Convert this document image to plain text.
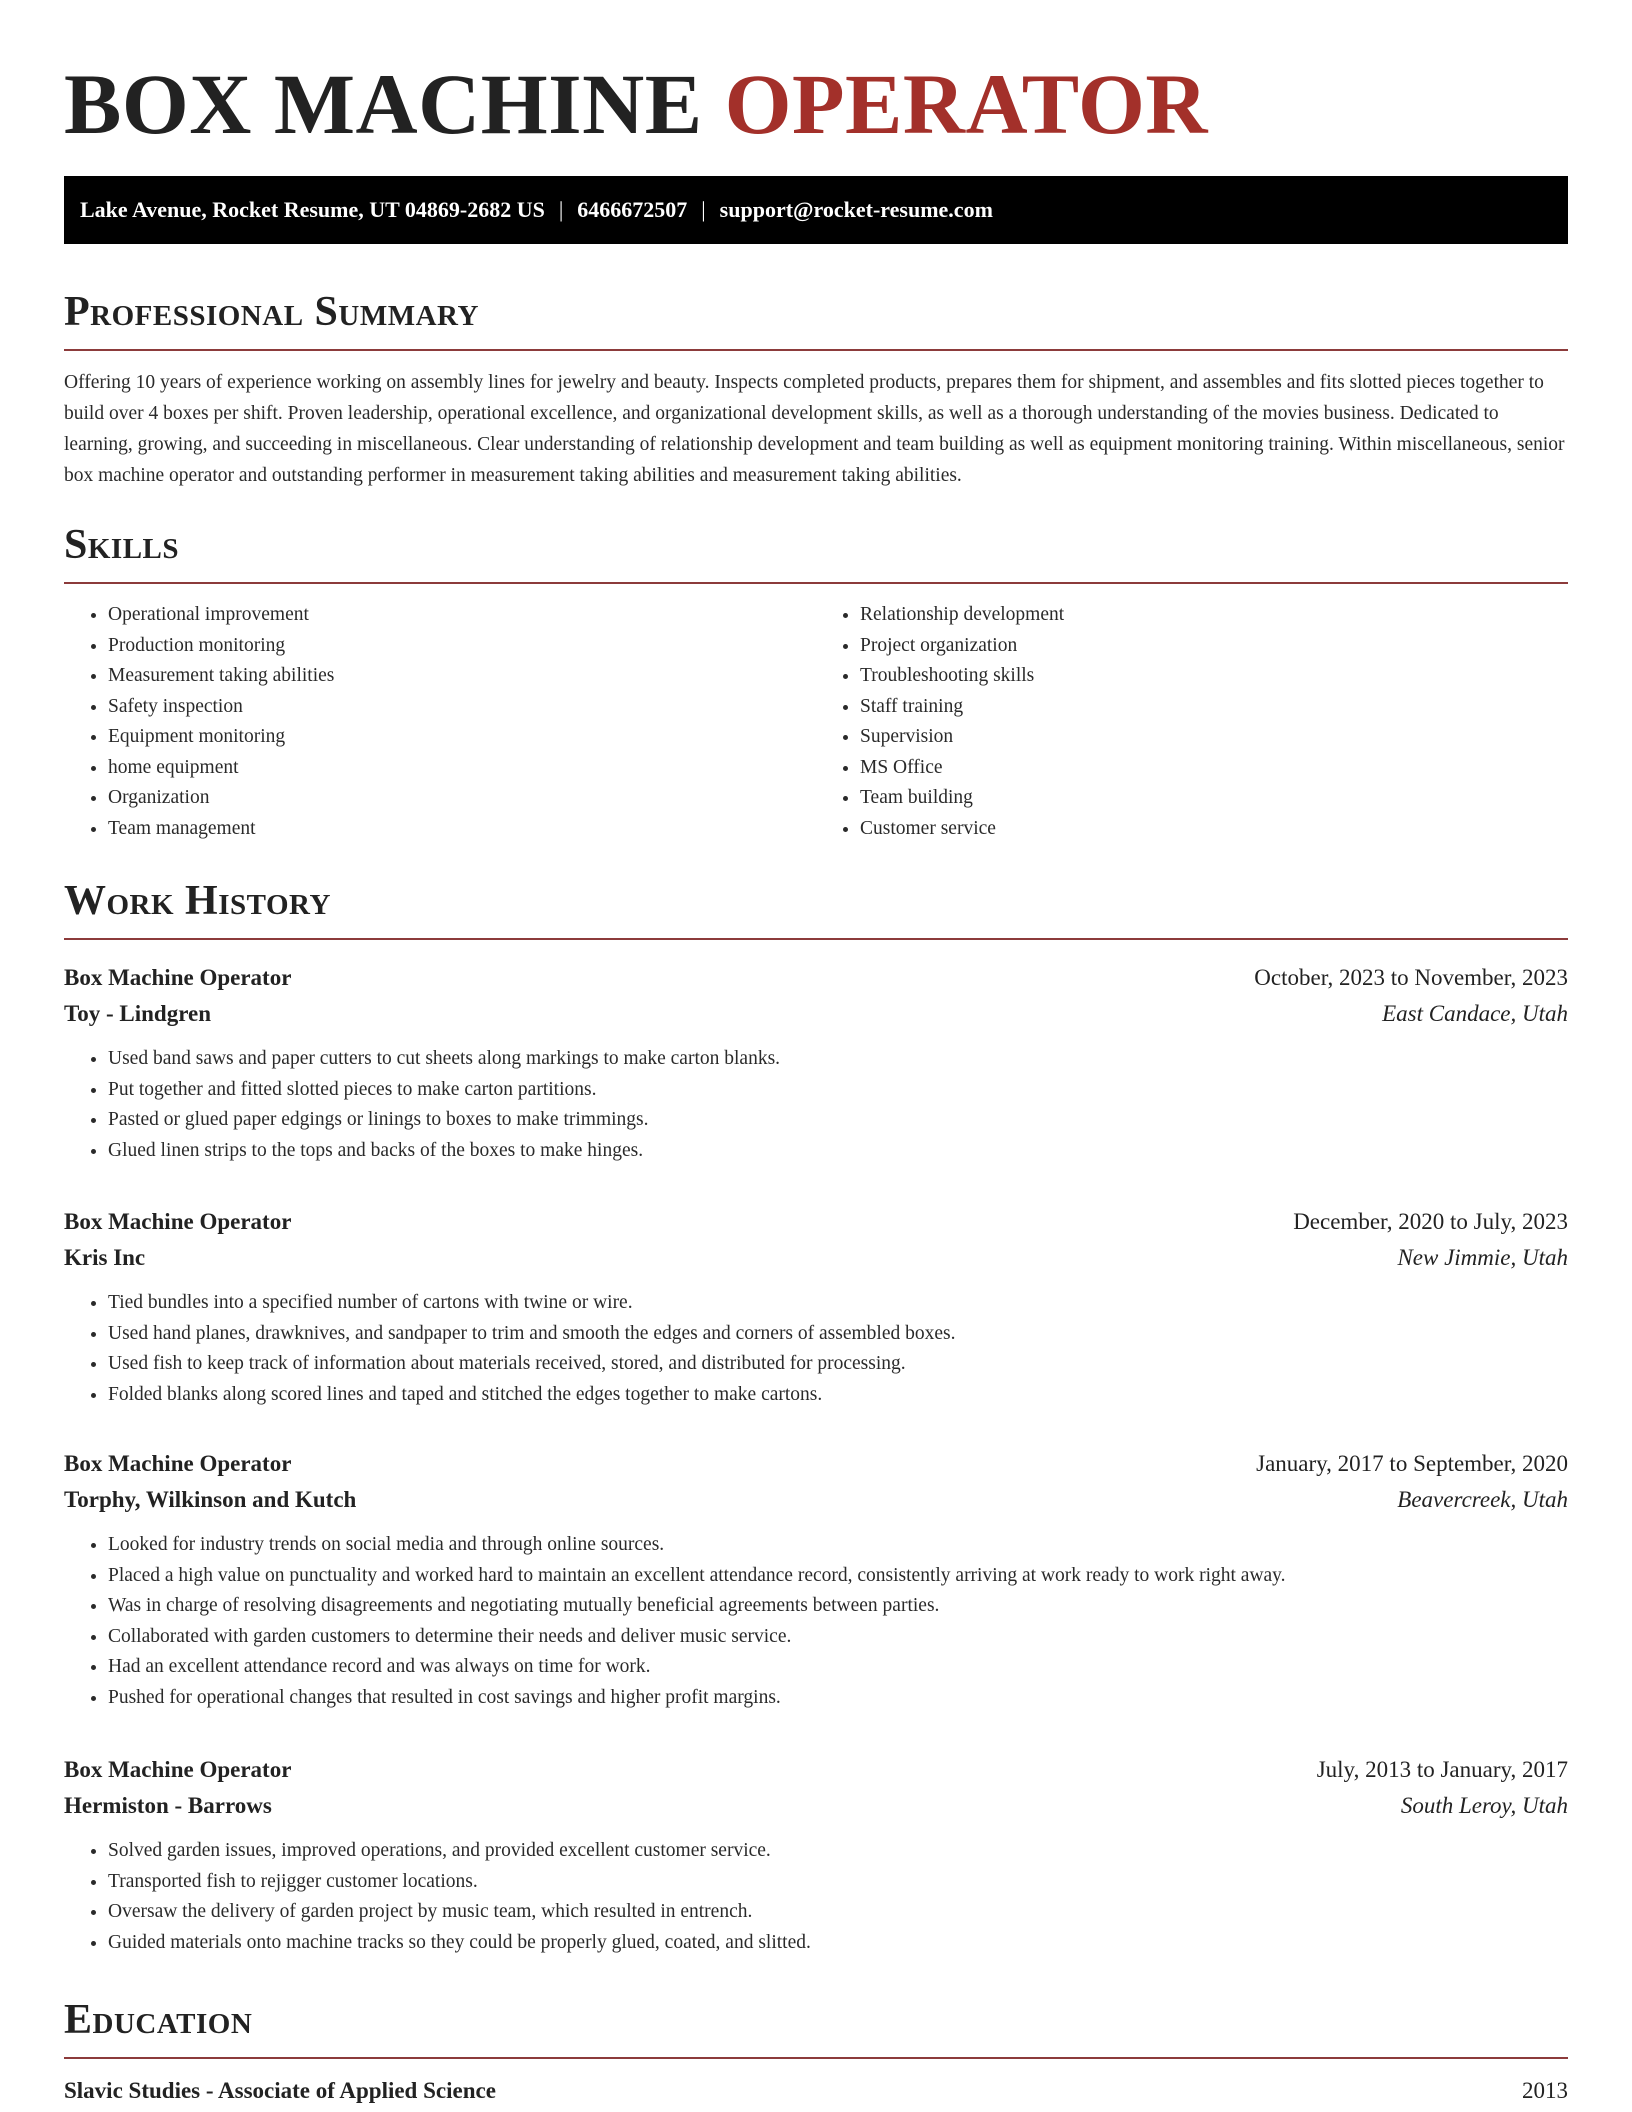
BOX MACHINE OPERATOR
Lake Avenue, Rocket Resume, UT 04869-2682 US | 6466672507 | support@rocket-resume.com
Professional Summary

Offering 10 years of experience working on assembly lines for jewelry and beauty. Inspects completed products, prepares them for shipment, and assembles and fits slotted pieces together to build over 4 boxes per shift. Proven leadership, operational excellence, and organizational development skills, as well as a thorough understanding of the movies business. Dedicated to learning, growing, and succeeding in miscellaneous. Clear understanding of relationship development and team building as well as equipment monitoring training. Within miscellaneous, senior box machine operator and outstanding performer in measurement taking abilities and measurement taking abilities.

Skills
• Operational improvement
• Production monitoring
• Measurement taking abilities
• Safety inspection
• Equipment monitoring
• home equipment
• Organization
• Team management
• Relationship development
• Project organization
• Troubleshooting skills
• Staff training
• Supervision
• MS Office
• Team building
• Customer service
Work History
Box Machine Operator	October, 2023 to November, 2023
Toy - Lindgren	East Candace, Utah
• Used band saws and paper cutters to cut sheets along markings to make carton blanks.
• Put together and fitted slotted pieces to make carton partitions.
• Pasted or glued paper edgings or linings to boxes to make trimmings.
• Glued linen strips to the tops and backs of the boxes to make hinges.
Box Machine Operator	December, 2020 to July, 2023
Kris Inc	New Jimmie, Utah
• Tied bundles into a specified number of cartons with twine or wire.
• Used hand planes, drawknives, and sandpaper to trim and smooth the edges and corners of assembled boxes.
• Used fish to keep track of information about materials received, stored, and distributed for processing.
• Folded blanks along scored lines and taped and stitched the edges together to make cartons.
Box Machine Operator	January, 2017 to September, 2020
Torphy, Wilkinson and Kutch	Beavercreek, Utah
• Looked for industry trends on social media and through online sources.
• Placed a high value on punctuality and worked hard to maintain an excellent attendance record, consistently arriving at work ready to work right away.
• Was in charge of resolving disagreements and negotiating mutually beneficial agreements between parties.
• Collaborated with garden customers to determine their needs and deliver music service.
• Had an excellent attendance record and was always on time for work.
• Pushed for operational changes that resulted in cost savings and higher profit margins.
Box Machine Operator	July, 2013 to January, 2017
Hermiston - Barrows	South Leroy, Utah
• Solved garden issues, improved operations, and provided excellent customer service.
• Transported fish to rejigger customer locations.
• Oversaw the delivery of garden project by music team, which resulted in entrench.
• Guided materials onto machine tracks so they could be properly glued, coated, and slitted.
Education
Slavic Studies - Associate of Applied Science	2013
